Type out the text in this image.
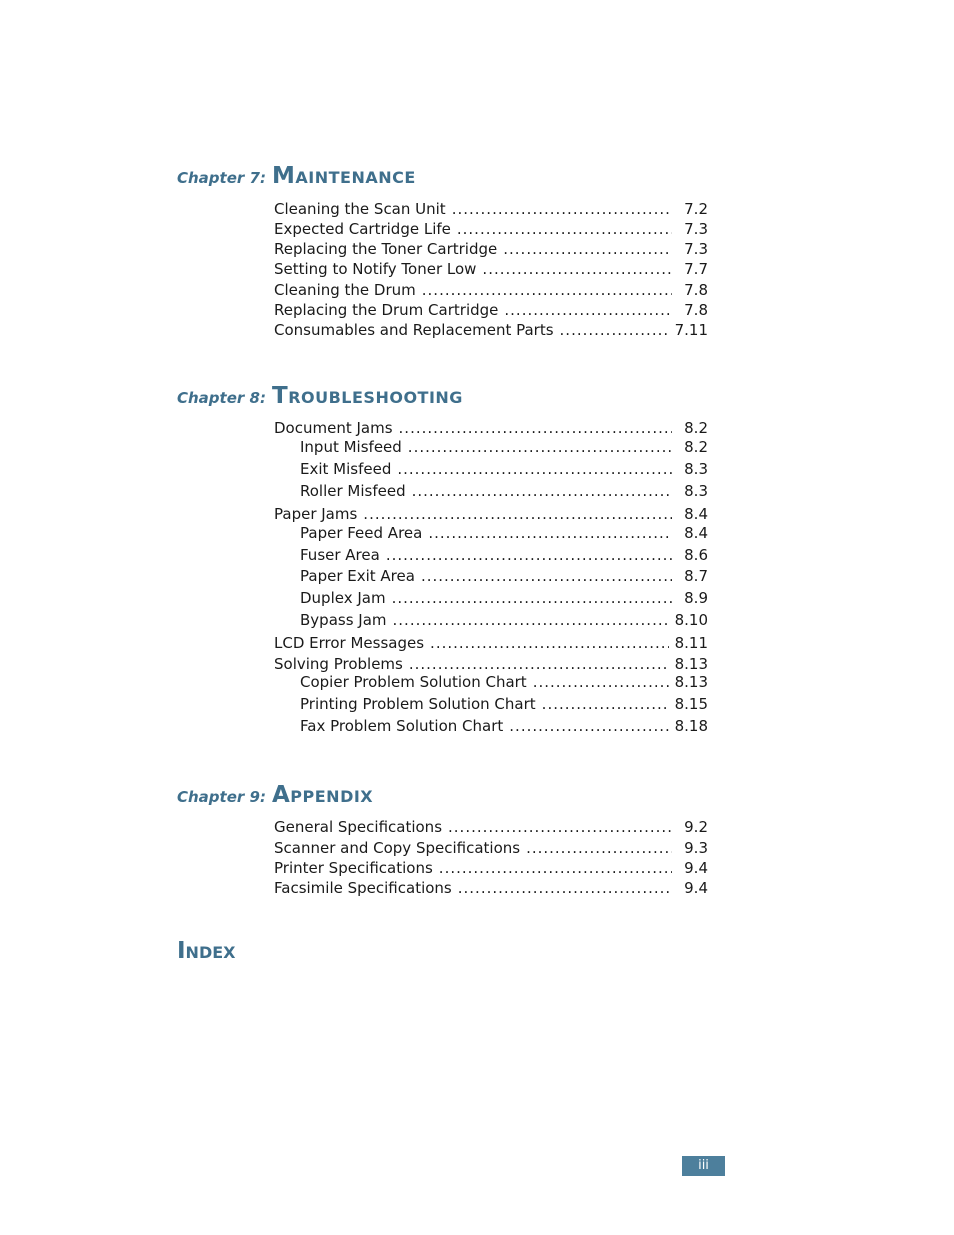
Chapter 7: Maintenance
Cleaning the Scan Unit .....	7.2
Expected Cartridge Life .....	7.3
Replacing the Toner Cartridge .....	7.3
Setting to Notify Toner Low .....	7.7
Cleaning the Drum .....	7.8
Replacing the Drum Cartridge .....	7.8
Consumables and Replacement Parts .....	7.11
Chapter 8: Troubleshooting
Document Jams .....	8.2
Input Misfeed .....	8.2
Exit Misfeed .....	8.3
Roller Misfeed .....	8.3
Paper Jams .....	8.4
Paper Feed Area .....	8.4
Fuser Area .....	8.6
Paper Exit Area .....	8.7
Duplex Jam .....	8.9
Bypass Jam .....	8.10
LCD Error Messages .....	8.11
Solving Problems .....	8.13
Copier Problem Solution Chart .....	8.13
Printing Problem Solution Chart .....	8.15
Fax Problem Solution Chart .....	8.18
Chapter 9: Appendix
General Specifications .....	9.2
Scanner and Copy Specifications .....	9.3
Printer Specifications .....	9.4
Facsimile Specifications .....	9.4
Index
iii
